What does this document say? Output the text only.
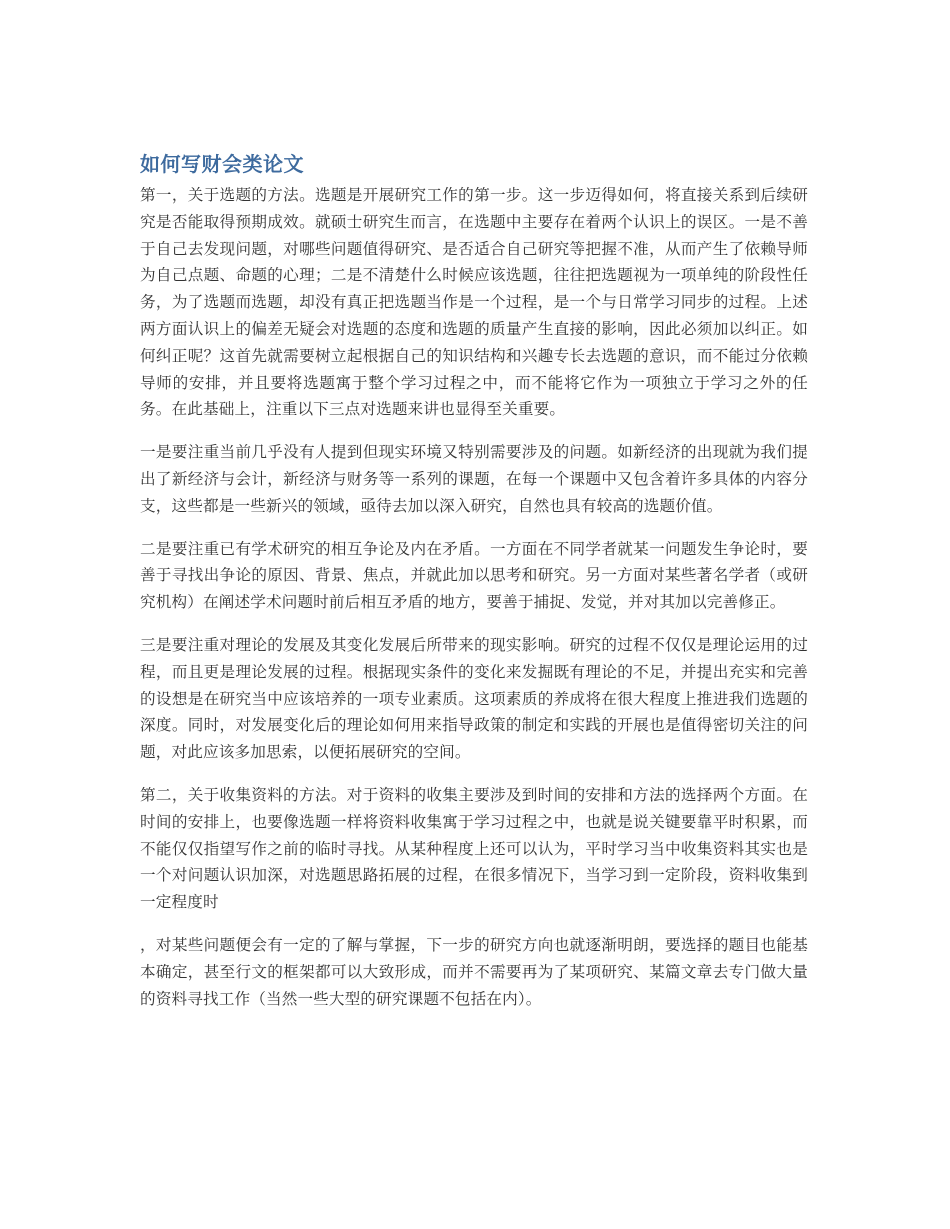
如何写财会类论文

第一，关于选题的方法。选题是开展研究工作的第一步。这一步迈得如何，将直接关系到后续研究是否能取得预期成效。就硕士研究生而言，在选题中主要存在着两个认识上的误区。一是不善于自己去发现问题，对哪些问题值得研究、是否适合自己研究等把握不准，从而产生了依赖导师为自己点题、命题的心理；二是不清楚什么时候应该选题，往往把选题视为一项单纯的阶段性任务，为了选题而选题，却没有真正把选题当作是一个过程，是一个与日常学习同步的过程。上述两方面认识上的偏差无疑会对选题的态度和选题的质量产生直接的影响，因此必须加以纠正。如何纠正呢？这首先就需要树立起根据自己的知识结构和兴趣专长去选题的意识，而不能过分依赖导师的安排，并且要将选题寓于整个学习过程之中，而不能将它作为一项独立于学习之外的任务。在此基础上，注重以下三点对选题来讲也显得至关重要。

一是要注重当前几乎没有人提到但现实环境又特别需要涉及的问题。如新经济的出现就为我们提出了新经济与会计，新经济与财务等一系列的课题，在每一个课题中又包含着许多具体的内容分支，这些都是一些新兴的领域，亟待去加以深入研究，自然也具有较高的选题价值。

二是要注重已有学术研究的相互争论及内在矛盾。一方面在不同学者就某一问题发生争论时，要善于寻找出争论的原因、背景、焦点，并就此加以思考和研究。另一方面对某些著名学者（或研究机构）在阐述学术问题时前后相互矛盾的地方，要善于捕捉、发觉，并对其加以完善修正。

三是要注重对理论的发展及其变化发展后所带来的现实影响。研究的过程不仅仅是理论运用的过程，而且更是理论发展的过程。根据现实条件的变化来发掘既有理论的不足，并提出充实和完善的设想是在研究当中应该培养的一项专业素质。这项素质的养成将在很大程度上推进我们选题的深度。同时，对发展变化后的理论如何用来指导政策的制定和实践的开展也是值得密切关注的问题，对此应该多加思索，以便拓展研究的空间。

第二，关于收集资料的方法。对于资料的收集主要涉及到时间的安排和方法的选择两个方面。在时间的安排上，也要像选题一样将资料收集寓于学习过程之中，也就是说关键要靠平时积累，而不能仅仅指望写作之前的临时寻找。从某种程度上还可以认为，平时学习当中收集资料其实也是一个对问题认识加深，对选题思路拓展的过程，在很多情况下，当学习到一定阶段，资料收集到一定程度时

，对某些问题便会有一定的了解与掌握，下一步的研究方向也就逐渐明朗，要选择的题目也能基本确定，甚至行文的框架都可以大致形成，而并不需要再为了某项研究、某篇文章去专门做大量的资料寻找工作（当然一些大型的研究课题不包括在内）。
